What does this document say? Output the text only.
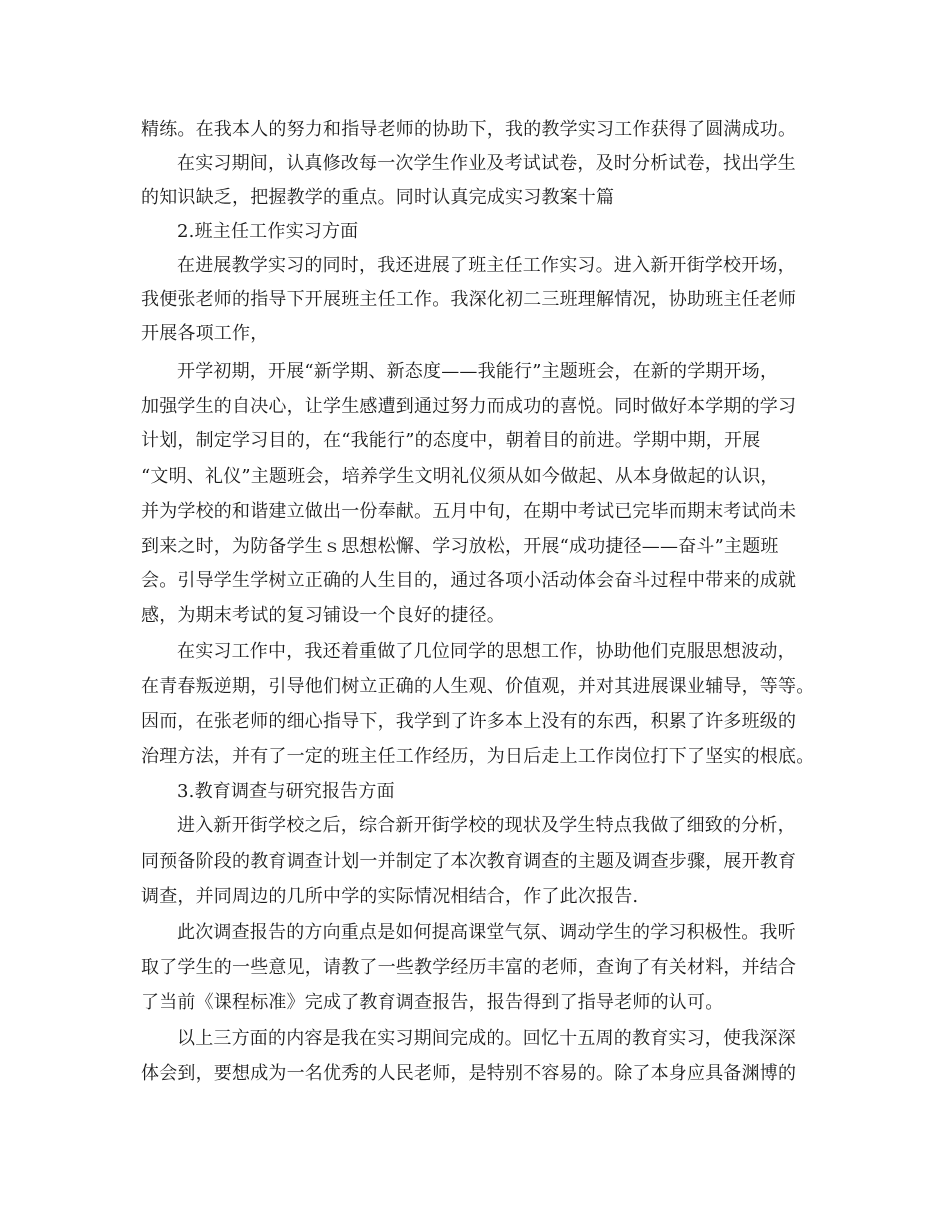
精练。在我本人的努力和指导老师的协助下，我的教学实习工作获得了圆满成功。
在实习期间，认真修改每一次学生作业及考试试卷，及时分析试卷，找出学生
的知识缺乏，把握教学的重点。同时认真完成实习教案十篇
2.班主任工作实习方面
在进展教学实习的同时，我还进展了班主任工作实习。进入新开街学校开场，
我便张老师的指导下开展班主任工作。我深化初二三班理解情况，协助班主任老师
开展各项工作，
开学初期，开展“新学期、新态度——我能行”主题班会，在新的学期开场，
加强学生的自决心，让学生感遭到通过努力而成功的喜悦。同时做好本学期的学习
计划，制定学习目的，在“我能行”的态度中，朝着目的前进。学期中期，开展
“文明、礼仪”主题班会，培养学生文明礼仪须从如今做起、从本身做起的认识，
并为学校的和谐建立做出一份奉献。五月中旬，在期中考试已完毕而期末考试尚未
到来之时，为防备学生ｓ思想松懈、学习放松，开展“成功捷径——奋斗”主题班
会。引导学生学树立正确的人生目的，通过各项小活动体会奋斗过程中带来的成就
感，为期末考试的复习铺设一个良好的捷径。
在实习工作中，我还着重做了几位同学的思想工作，协助他们克服思想波动，
在青春叛逆期，引导他们树立正确的人生观、价值观，并对其进展课业辅导，等等。
因而，在张老师的细心指导下，我学到了许多本上没有的东西，积累了许多班级的
治理方法，并有了一定的班主任工作经历，为日后走上工作岗位打下了坚实的根底。
3.教育调查与研究报告方面
进入新开街学校之后，综合新开街学校的现状及学生特点我做了细致的分析，
同预备阶段的教育调查计划一并制定了本次教育调查的主题及调查步骤，展开教育
调查，并同周边的几所中学的实际情况相结合，作了此次报告.
此次调查报告的方向重点是如何提高课堂气氛、调动学生的学习积极性。我听
取了学生的一些意见，请教了一些教学经历丰富的老师，查询了有关材料，并结合
了当前《课程标准》完成了教育调查报告，报告得到了指导老师的认可。
以上三方面的内容是我在实习期间完成的。回忆十五周的教育实习，使我深深
体会到，要想成为一名优秀的人民老师，是特别不容易的。除了本身应具备渊博的
